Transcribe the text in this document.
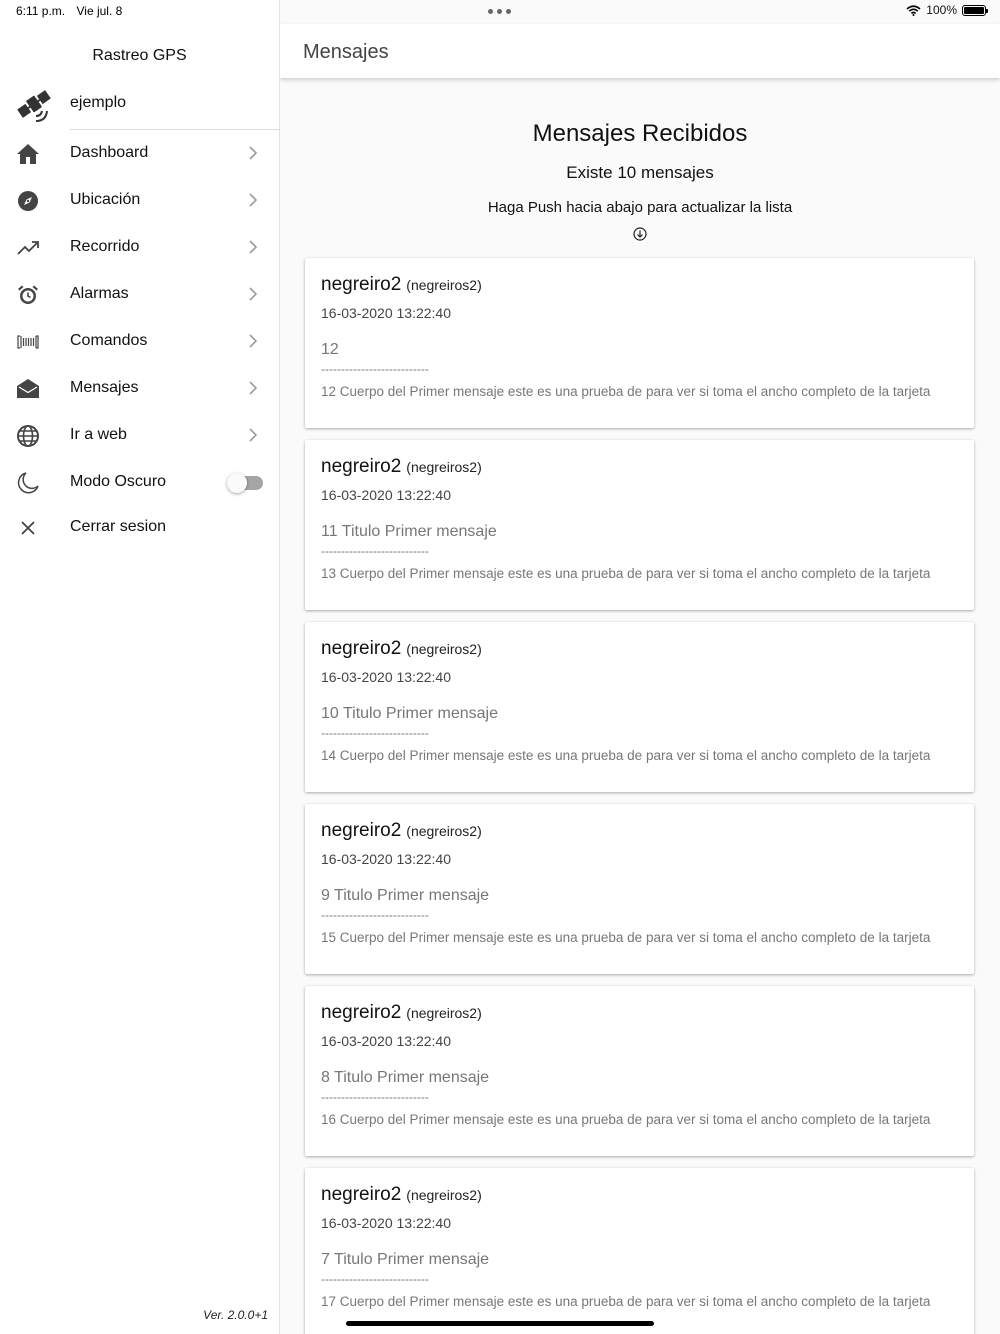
6:11 p.m. Vie jul. 8	100%
Rastreo GPS
ejemplo
Dashboard
Ubicación
Recorrido
Alarmas
Comandos
Mensajes
Ir a web
Modo Oscuro
Cerrar sesion
Ver. 2.0.0+1
Mensajes
Mensajes Recibidos
Existe 10 mensajes
Haga Push hacia abajo para actualizar la lista
negreiro2 (negreiros2)
16-03-2020 13:22:40
12
---------------------------
12 Cuerpo del Primer mensaje este es una prueba de para ver si toma el ancho completo de la tarjeta
negreiro2 (negreiros2)
16-03-2020 13:22:40
11 Titulo Primer mensaje
---------------------------
13 Cuerpo del Primer mensaje este es una prueba de para ver si toma el ancho completo de la tarjeta
negreiro2 (negreiros2)
16-03-2020 13:22:40
10 Titulo Primer mensaje
---------------------------
14 Cuerpo del Primer mensaje este es una prueba de para ver si toma el ancho completo de la tarjeta
negreiro2 (negreiros2)
16-03-2020 13:22:40
9 Titulo Primer mensaje
---------------------------
15 Cuerpo del Primer mensaje este es una prueba de para ver si toma el ancho completo de la tarjeta
negreiro2 (negreiros2)
16-03-2020 13:22:40
8 Titulo Primer mensaje
---------------------------
16 Cuerpo del Primer mensaje este es una prueba de para ver si toma el ancho completo de la tarjeta
negreiro2 (negreiros2)
16-03-2020 13:22:40
7 Titulo Primer mensaje
---------------------------
17 Cuerpo del Primer mensaje este es una prueba de para ver si toma el ancho completo de la tarjeta
